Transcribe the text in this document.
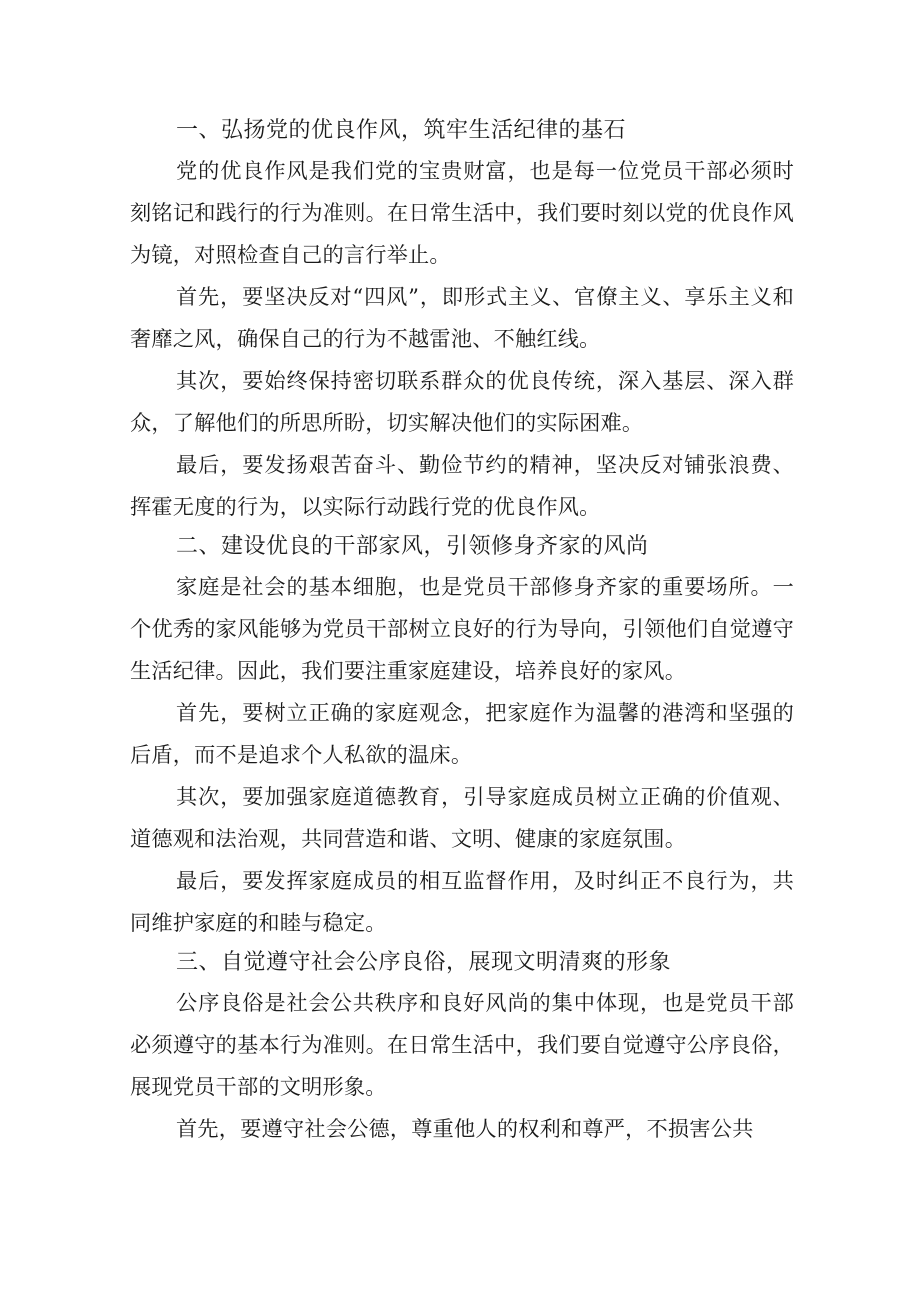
一、弘扬党的优良作风，筑牢生活纪律的基石

党的优良作风是我们党的宝贵财富，也是每一位党员干部必须时刻铭记和践行的行为准则。在日常生活中，我们要时刻以党的优良作风为镜，对照检查自己的言行举止。

首先，要坚决反对“四风”，即形式主义、官僚主义、享乐主义和奢靡之风，确保自己的行为不越雷池、不触红线。

其次，要始终保持密切联系群众的优良传统，深入基层、深入群众，了解他们的所思所盼，切实解决他们的实际困难。

最后，要发扬艰苦奋斗、勤俭节约的精神，坚决反对铺张浪费、挥霍无度的行为，以实际行动践行党的优良作风。

二、建设优良的干部家风，引领修身齐家的风尚

家庭是社会的基本细胞，也是党员干部修身齐家的重要场所。一个优秀的家风能够为党员干部树立良好的行为导向，引领他们自觉遵守生活纪律。因此，我们要注重家庭建设，培养良好的家风。

首先，要树立正确的家庭观念，把家庭作为温馨的港湾和坚强的后盾，而不是追求个人私欲的温床。

其次，要加强家庭道德教育，引导家庭成员树立正确的价值观、道德观和法治观，共同营造和谐、文明、健康的家庭氛围。

最后，要发挥家庭成员的相互监督作用，及时纠正不良行为，共同维护家庭的和睦与稳定。

三、自觉遵守社会公序良俗，展现文明清爽的形象

公序良俗是社会公共秩序和良好风尚的集中体现，也是党员干部必须遵守的基本行为准则。在日常生活中，我们要自觉遵守公序良俗，展现党员干部的文明形象。

首先，要遵守社会公德，尊重他人的权利和尊严，不损害公共
